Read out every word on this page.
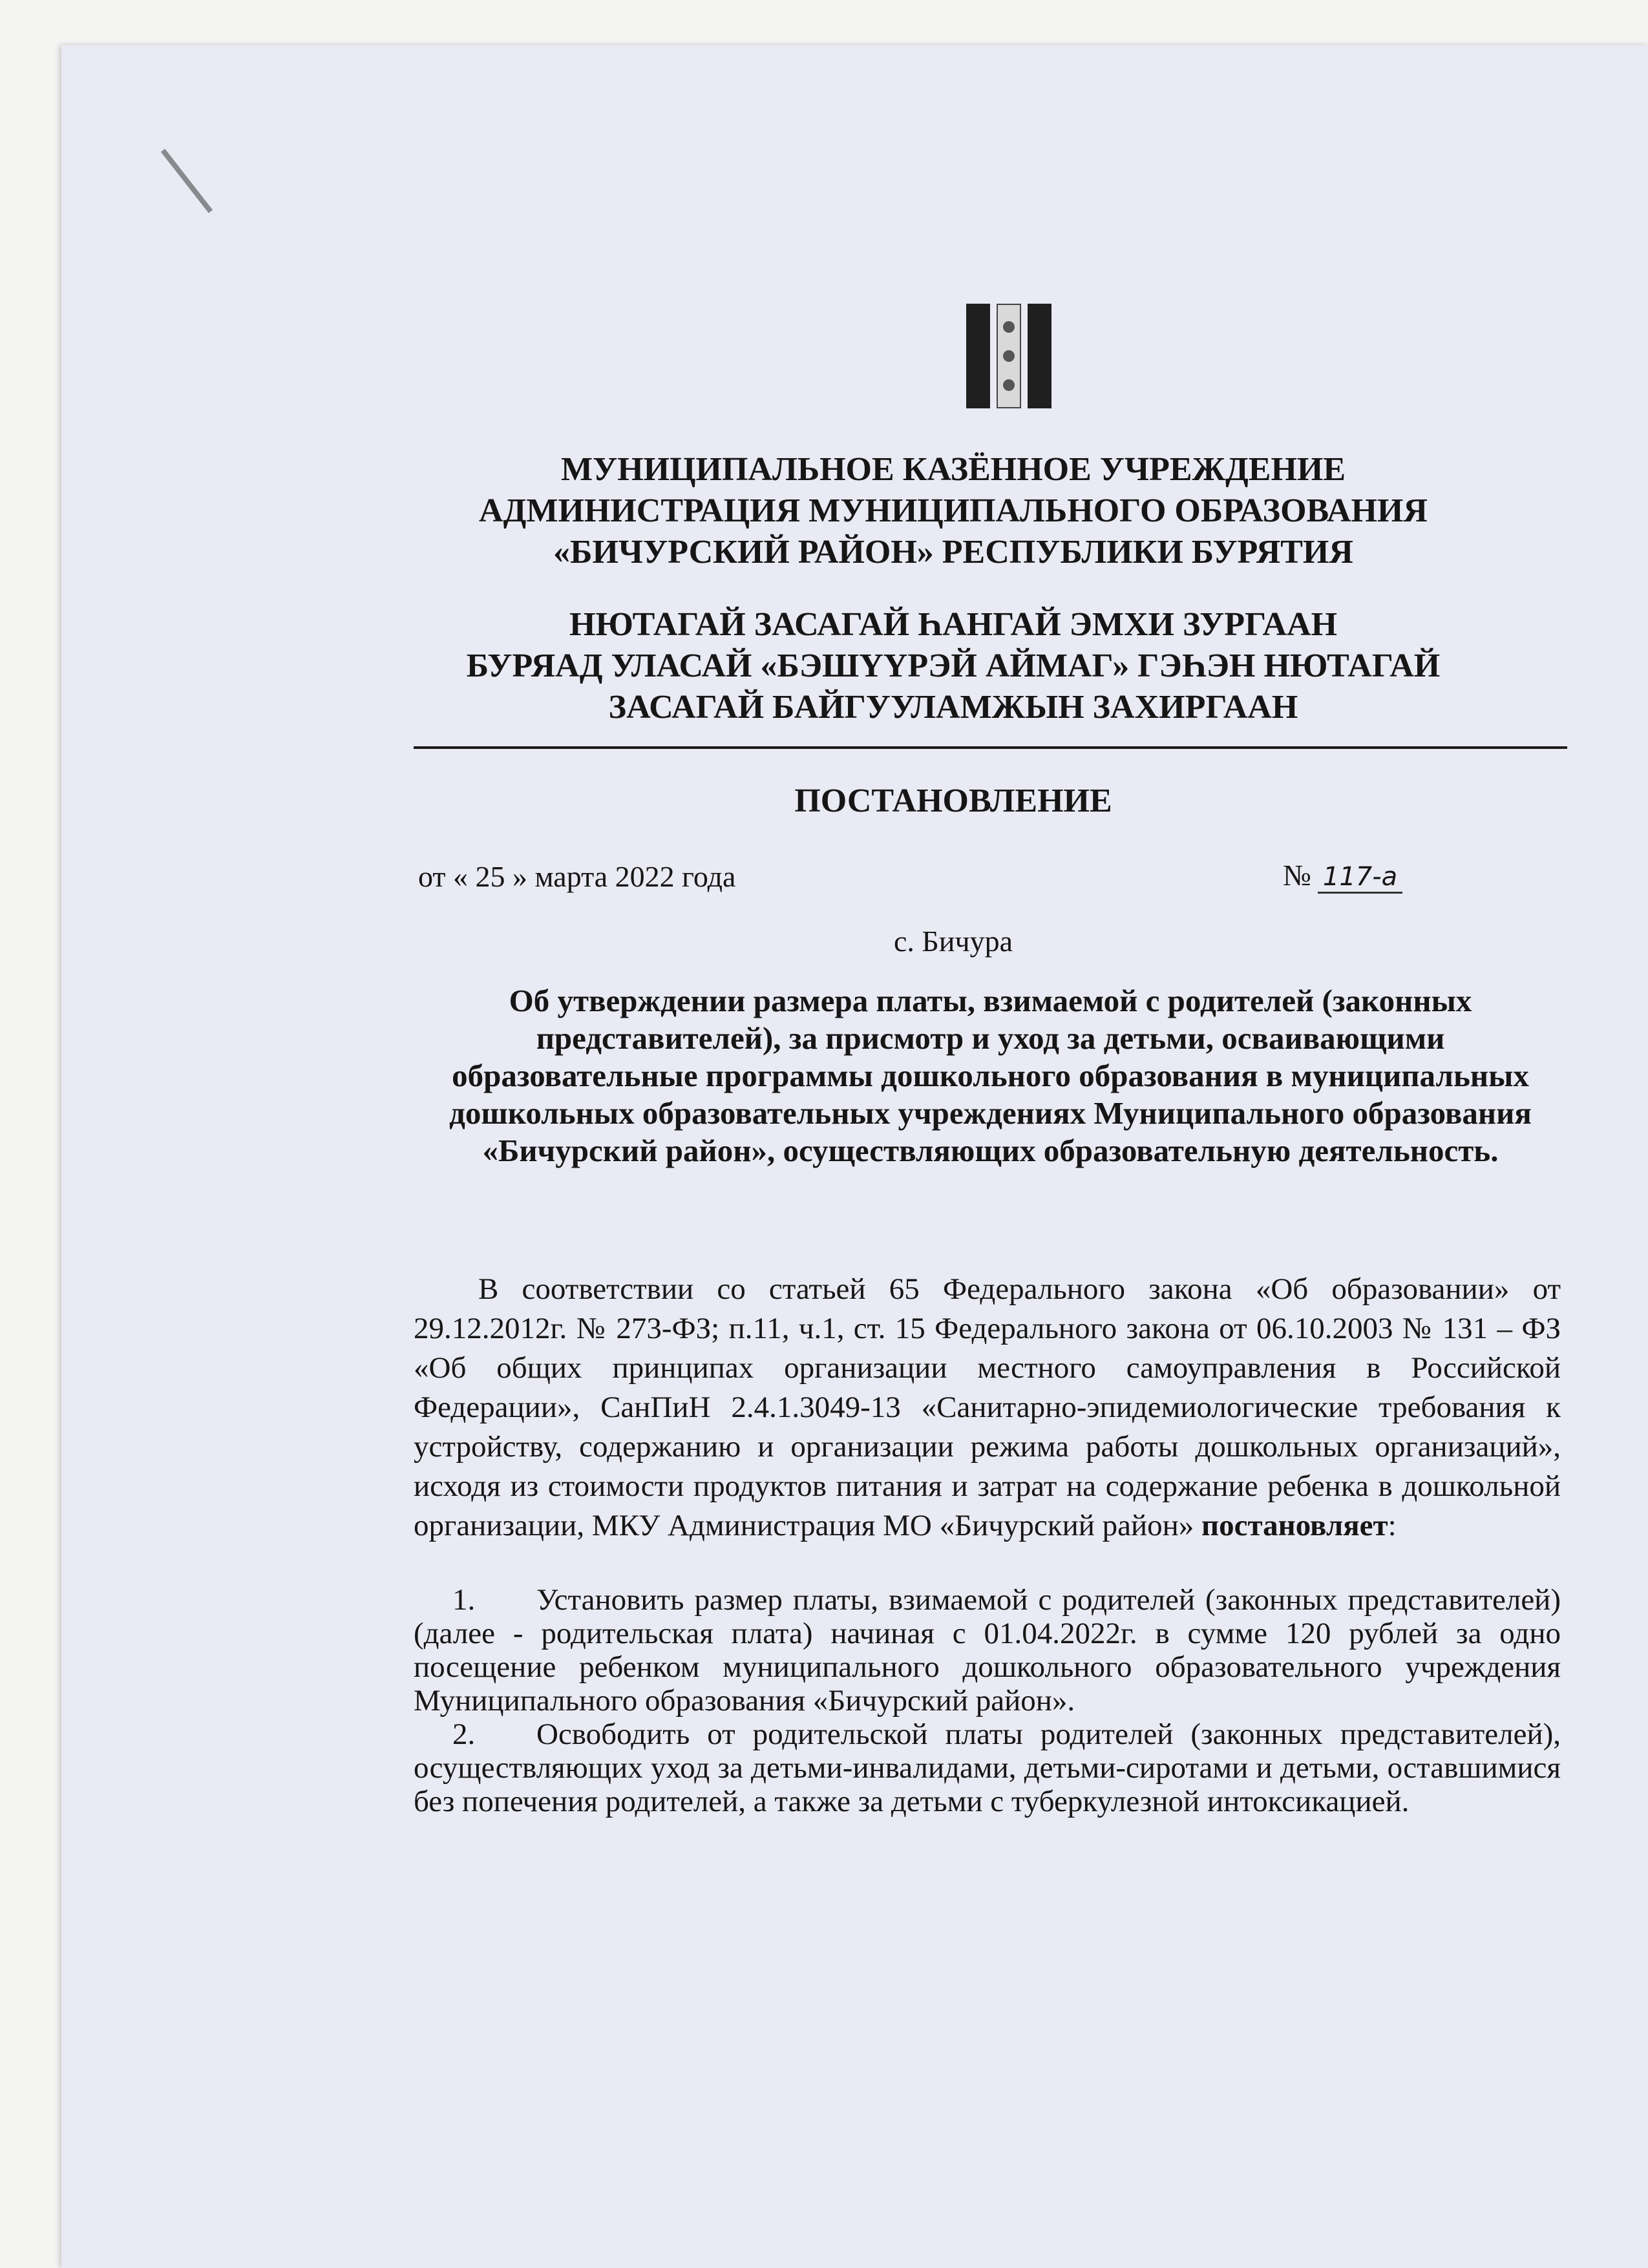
МУНИЦИПАЛЬНОЕ КАЗЁННОЕ УЧРЕЖДЕНИЕ
АДМИНИСТРАЦИЯ МУНИЦИПАЛЬНОГО ОБРАЗОВАНИЯ
«БИЧУРСКИЙ РАЙОН» РЕСПУБЛИКИ БУРЯТИЯ
НЮТАГАЙ ЗАСАГАЙ ҺАНГАЙ ЭМХИ ЗУРГААН
БУРЯАД УЛАСАЙ «БЭШҮҮРЭЙ АЙМАГ» ГЭҺЭН НЮТАГАЙ
ЗАСАГАЙ БАЙГУУЛАМЖЫН ЗАХИРГААН
ПОСТАНОВЛЕНИЕ
от « 25 » марта 2022 года	№ 117-а
с. Бичура

Об утверждении размера платы, взимаемой с родителей (законных представителей), за присмотр и уход за детьми, осваивающими образовательные программы дошкольного образования в муниципальных дошкольных образовательных учреждениях Муниципального образования «Бичурский район», осуществляющих образовательную деятельность.

В соответствии со статьей 65 Федерального закона «Об образовании» от 29.12.2012г. № 273-ФЗ; п.11, ч.1, ст. 15 Федерального закона от 06.10.2003 № 131 – ФЗ «Об общих принципах организации местного самоуправления в Российской Федерации», СанПиН 2.4.1.3049-13 «Санитарно-эпидемиологические требования к устройству, содержанию и организации режима работы дошкольных организаций», исходя из стоимости продуктов питания и затрат на содержание ребенка в дошкольной организации, МКУ Администрация МО «Бичурский район» постановляет:

1. Установить размер платы, взимаемой с родителей (законных представителей) (далее - родительская плата) начиная с 01.04.2022г. в сумме 120 рублей за одно посещение ребенком муниципального дошкольного образовательного учреждения Муниципального образования «Бичурский район».
2. Освободить от родительской платы родителей (законных представителей), осуществляющих уход за детьми-инвалидами, детьми-сиротами и детьми, оставшимися без попечения родителей, а также за детьми с туберкулезной интоксикацией.
